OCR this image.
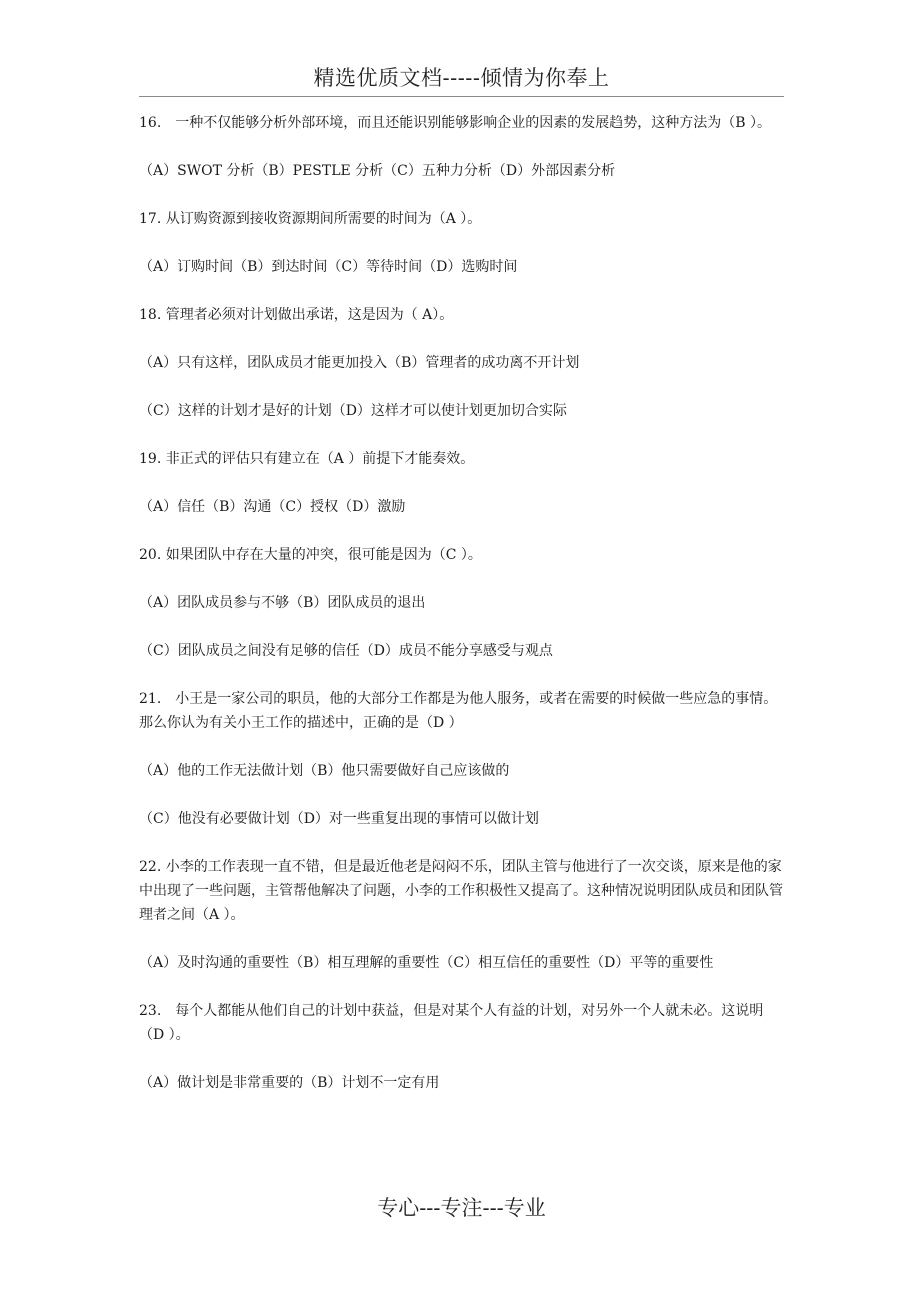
精选优质文档-----倾情为你奉上

16.　一种不仅能够分析外部环境，而且还能识别能够影响企业的因素的发展趋势，这种方法为（B ）。

（A）SWOT 分析（B）PESTLE 分析（C）五种力分析（D）外部因素分析

17. 从订购资源到接收资源期间所需要的时间为（A ）。

（A）订购时间（B）到达时间（C）等待时间（D）选购时间

18. 管理者必须对计划做出承诺，这是因为（ A）。

（A）只有这样，团队成员才能更加投入（B）管理者的成功离不开计划

（C）这样的计划才是好的计划（D）这样才可以使计划更加切合实际

19. 非正式的评估只有建立在（A ）前提下才能奏效。

（A）信任（B）沟通（C）授权（D）激励

20. 如果团队中存在大量的冲突，很可能是因为（C ）。

（A）团队成员参与不够（B）团队成员的退出

（C）团队成员之间没有足够的信任（D）成员不能分享感受与观点

21.　小王是一家公司的职员，他的大部分工作都是为他人服务，或者在需要的时候做一些应急的事情。那么你认为有关小王工作的描述中，正确的是（D ）

（A）他的工作无法做计划（B）他只需要做好自己应该做的

（C）他没有必要做计划（D）对一些重复出现的事情可以做计划

22. 小李的工作表现一直不错，但是最近他老是闷闷不乐，团队主管与他进行了一次交谈，原来是他的家中出现了一些问题，主管帮他解决了问题，小李的工作积极性又提高了。这种情况说明团队成员和团队管理者之间（A ）。

（A）及时沟通的重要性（B）相互理解的重要性（C）相互信任的重要性（D）平等的重要性

23.　每个人都能从他们自己的计划中获益，但是对某个人有益的计划，对另外一个人就未必。这说明（D ）。

（A）做计划是非常重要的（B）计划不一定有用

专心---专注---专业
